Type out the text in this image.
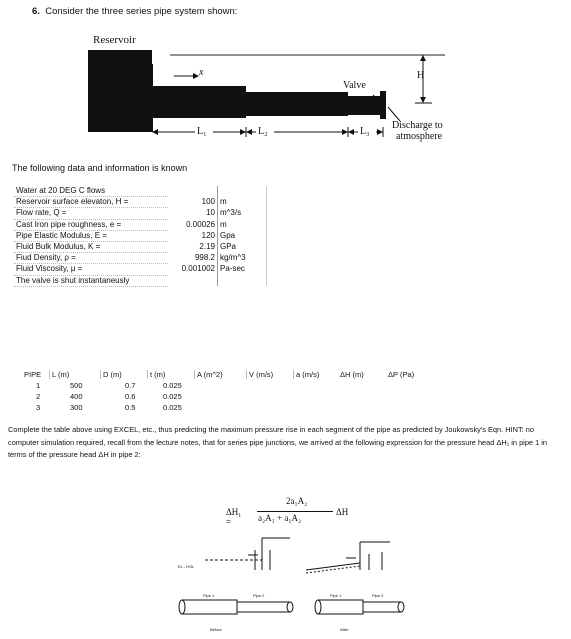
6. Consider the three series pipe system shown:
Reservoir
x
Valve
H
L₁	L₂	L₃
Discharge to
atmosphere
The following data and information is known
Water at 20 DEG C flows		
Reservoir surface elevaton, H =	100	m
Flow rate, Q =	10	m^3/s
Cast Iron pipe roughness, e =	0.00026	m
Pipe Elastic Modulus, E =	120	Gpa
Fluid Bulk Modulus, K =	2.19	GPa
Fiud Density, ρ =	998.2	kg/m^3
Fluid Viscosity, μ =	0.001002	Pa-sec
The valve is shut instantaneusly		
PIPE	L (m)	D (m)	t (m)	A (m^2)	V (m/s)	a (m/s)	ΔH (m)	ΔP (Pa)
1	500	0.7	0.025
2	400	0.6	0.025
3	300	0.5	0.025
Complete the table above using EXCEL, etc., thus predicting the maximum pressure rise in each segment of the pipe as predicted by Joukowsky's Eqn. HINT: no computer simulation required, recall from the lecture notes, that for series pipe junctions, we arrived at the following expression for the pressure head ΔH₁ in pipe 1 in terms of the pressure head ΔH in pipe 2:
ΔH₁ =
2a₁A₂
a₂A₁ + a₁A₂
ΔH
EL - HGL
Pipe 1	Pipe 2	Pipe 1	Pipe 2
Before	After
